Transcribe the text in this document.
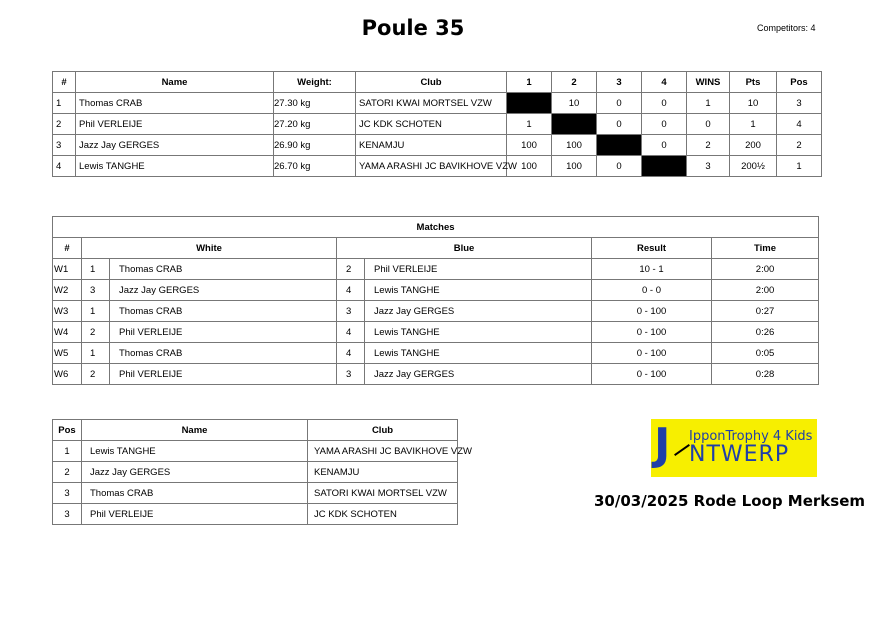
Poule 35	Competitors: 4
#	Name	Weight:	Club	1	2	3	4	WINS	Pts	Pos
1	Thomas CRAB	27.30 kg	SATORI KWAI MORTSEL VZW		10	0	0	1	10	3
2	Phil VERLEIJE	27.20 kg	JC KDK SCHOTEN	1		0	0	0	1	4
3	Jazz Jay GERGES	26.90 kg	KENAMJU	100	100		0	2	200	2
4	Lewis TANGHE	26.70 kg	YAMA ARASHI JC BAVIKHOVE VZW	100	100	0		3	200½	1
Matches						
#	White		Blue		Result	Time
W1	1	Thomas CRAB	2	Phil VERLEIJE	10 - 1	2:00
W2	3	Jazz Jay GERGES	4	Lewis TANGHE	0 - 0	2:00
W3	1	Thomas CRAB	3	Jazz Jay GERGES	0 - 100	0:27
W4	2	Phil VERLEIJE	4	Lewis TANGHE	0 - 100	0:26
W5	1	Thomas CRAB	4	Lewis TANGHE	0 - 100	0:05
W6	2	Phil VERLEIJE	3	Jazz Jay GERGES	0 - 100	0:28
Pos	Name	Club
1	Lewis TANGHE	YAMA ARASHI JC BAVIKHOVE VZW
2	Jazz Jay GERGES	KENAMJU
3	Thomas CRAB	SATORI KWAI MORTSEL VZW
3	Phil VERLEIJE	JC KDK SCHOTEN
J IpponTrophy 4 Kids
NTWERP
30/03/2025 Rode Loop Merksem
